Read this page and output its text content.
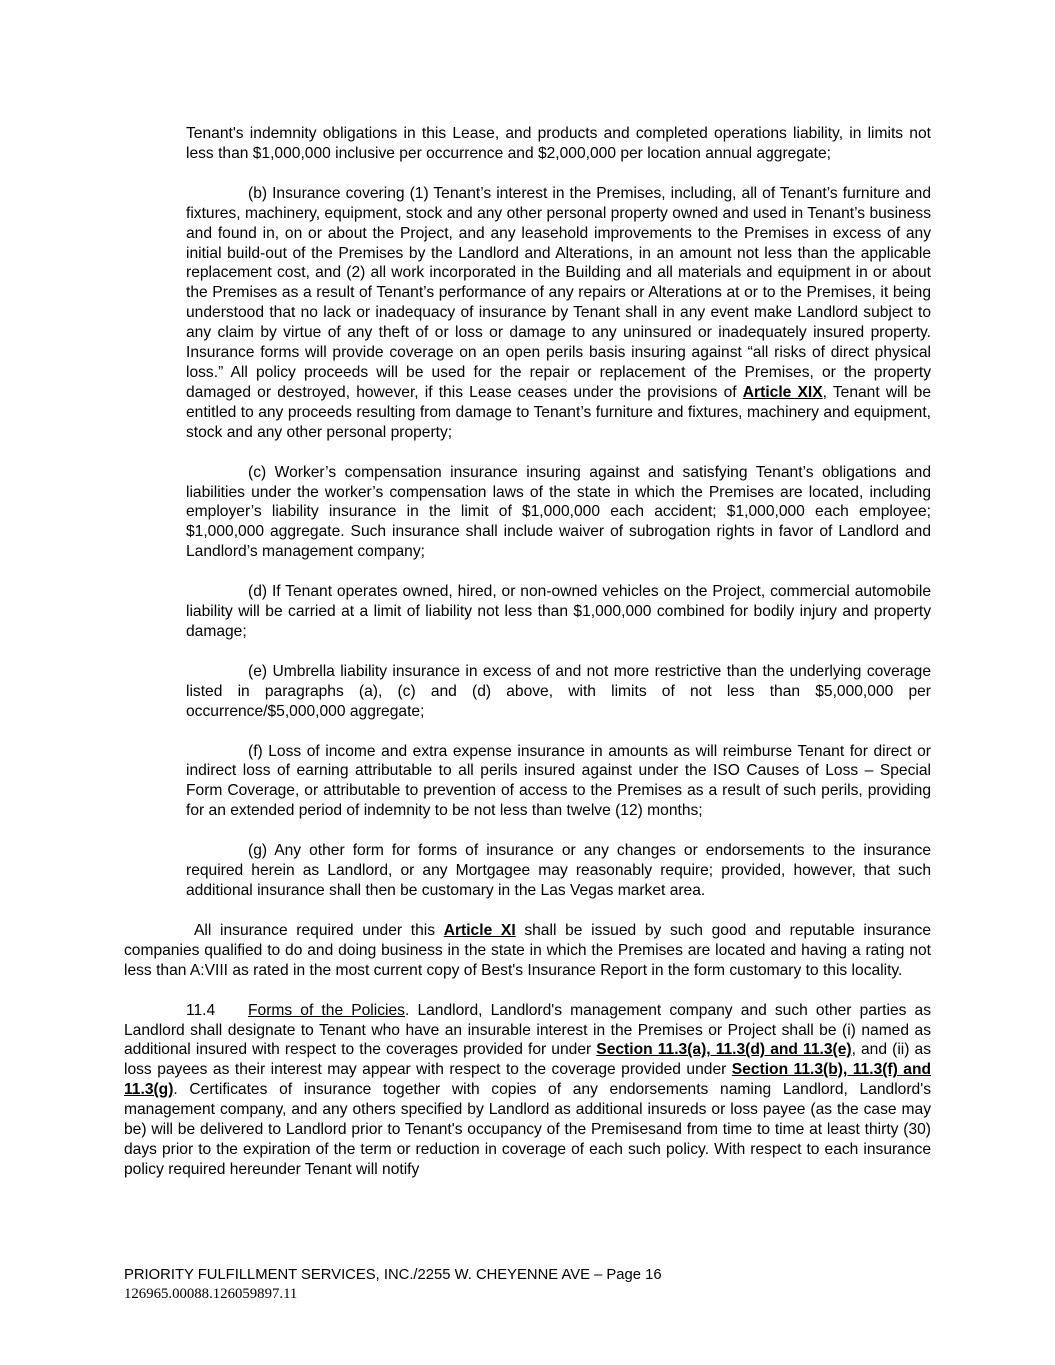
Tenant's indemnity obligations in this Lease, and products and completed operations liability, in limits not less than $1,000,000 inclusive per occurrence and $2,000,000 per location annual aggregate;

(b) Insurance covering (1) Tenant’s interest in the Premises, including, all of Tenant’s furniture and fixtures, machinery, equipment, stock and any other personal property owned and used in Tenant’s business and found in, on or about the Project, and any leasehold improvements to the Premises in excess of any initial build-out of the Premises by the Landlord and Alterations, in an amount not less than the applicable replacement cost, and (2) all work incorporated in the Building and all materials and equipment in or about the Premises as a result of Tenant’s performance of any repairs or Alterations at or to the Premises, it being understood that no lack or inadequacy of insurance by Tenant shall in any event make Landlord subject to any claim by virtue of any theft of or loss or damage to any uninsured or inadequately insured property. Insurance forms will provide coverage on an open perils basis insuring against “all risks of direct physical loss.” All policy proceeds will be used for the repair or replacement of the Premises, or the property damaged or destroyed, however, if this Lease ceases under the provisions of Article XIX, Tenant will be entitled to any proceeds resulting from damage to Tenant’s furniture and fixtures, machinery and equipment, stock and any other personal property;

(c) Worker’s compensation insurance insuring against and satisfying Tenant’s obligations and liabilities under the worker’s compensation laws of the state in which the Premises are located, including employer’s liability insurance in the limit of $1,000,000 each accident; $1,000,000 each employee; $1,000,000 aggregate. Such insurance shall include waiver of subrogation rights in favor of Landlord and Landlord’s management company;

(d) If Tenant operates owned, hired, or non-owned vehicles on the Project, commercial automobile liability will be carried at a limit of liability not less than $1,000,000 combined for bodily injury and property damage;

(e) Umbrella liability insurance in excess of and not more restrictive than the underlying coverage listed in paragraphs (a), (c) and (d) above, with limits of not less than $5,000,000 per occurrence/$5,000,000 aggregate;

(f) Loss of income and extra expense insurance in amounts as will reimburse Tenant for direct or indirect loss of earning attributable to all perils insured against under the ISO Causes of Loss – Special Form Coverage, or attributable to prevention of access to the Premises as a result of such perils, providing for an extended period of indemnity to be not less than twelve (12) months;

(g) Any other form for forms of insurance or any changes or endorsements to the insurance required herein as Landlord, or any Mortgagee may reasonably require; provided, however, that such additional insurance shall then be customary in the Las Vegas market area.

All insurance required under this Article XI shall be issued by such good and reputable insurance companies qualified to do and doing business in the state in which the Premises are located and having a rating not less than A:VIII as rated in the most current copy of Best's Insurance Report in the form customary to this locality.

11.4 Forms of the Policies. Landlord, Landlord's management company and such other parties as Landlord shall designate to Tenant who have an insurable interest in the Premises or Project shall be (i) named as additional insured with respect to the coverages provided for under Section 11.3(a), 11.3(d) and 11.3(e), and (ii) as loss payees as their interest may appear with respect to the coverage provided under Section 11.3(b), 11.3(f) and 11.3(g). Certificates of insurance together with copies of any endorsements naming Landlord, Landlord's management company, and any others specified by Landlord as additional insureds or loss payee (as the case may be) will be delivered to Landlord prior to Tenant's occupancy of the Premisesand from time to time at least thirty (30) days prior to the expiration of the term or reduction in coverage of each such policy. With respect to each insurance policy required hereunder Tenant will notify

PRIORITY FULFILLMENT SERVICES, INC./2255 W. CHEYENNE AVE – Page 16

126965.00088.126059897.11
